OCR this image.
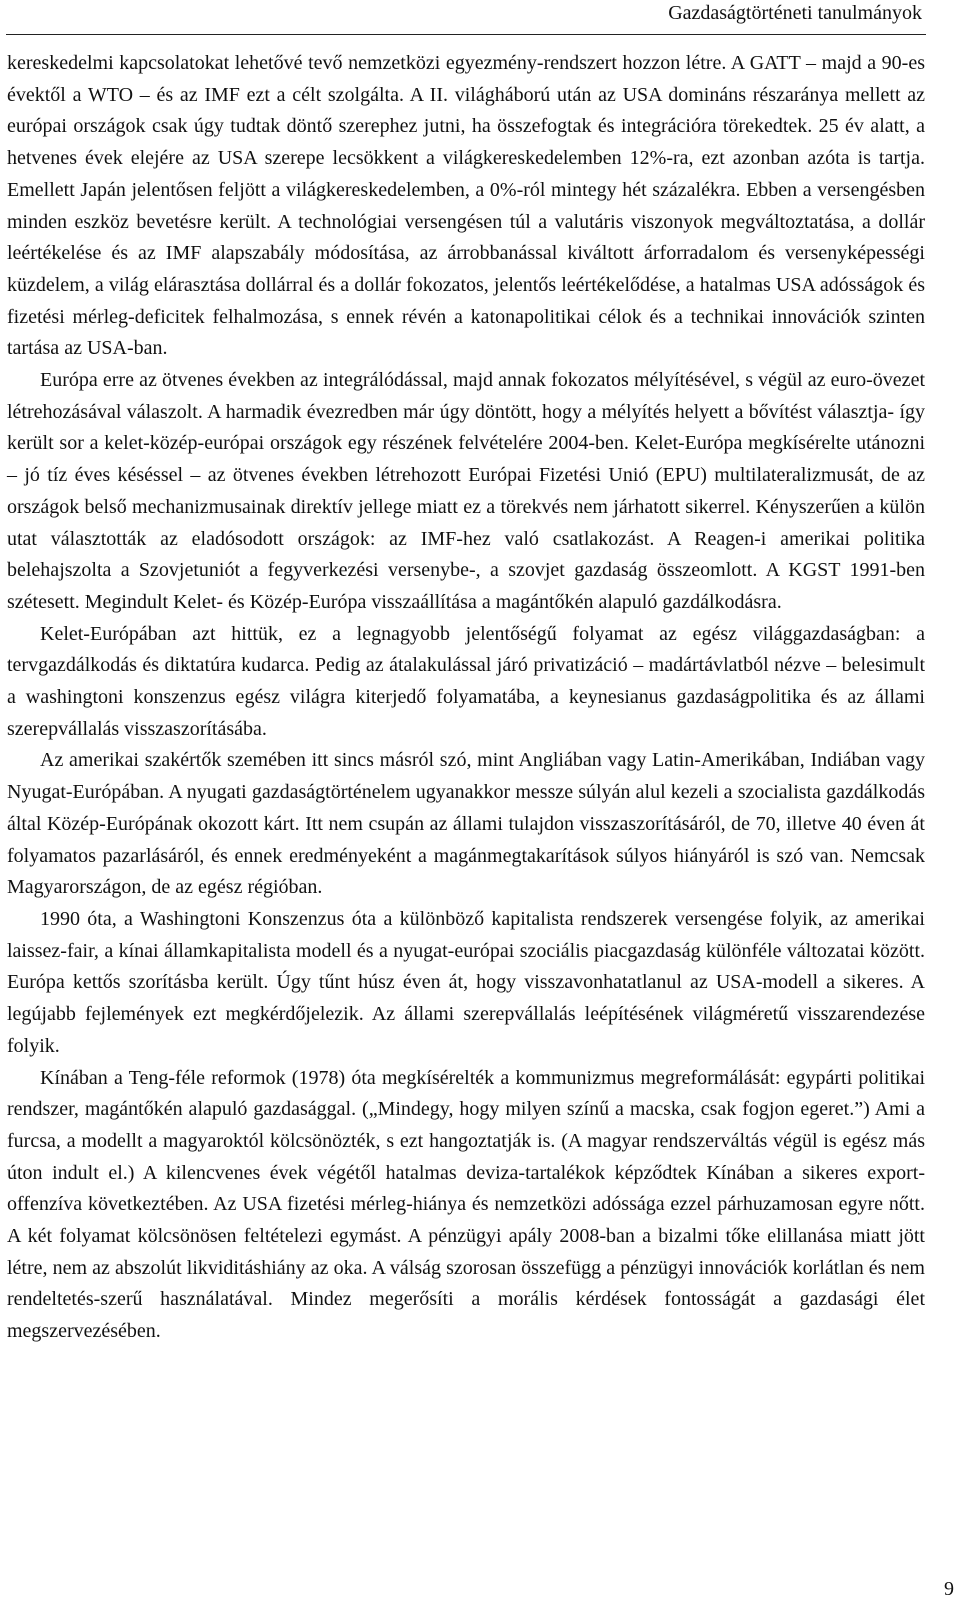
Gazdaságtörténeti tanulmányok

kereskedelmi kapcsolatokat lehetővé tevő nemzetközi egyezmény-rendszert hozzon létre. A GATT – majd a 90-es évektől a WTO – és az IMF ezt a célt szolgálta. A II. világháború után az USA domináns részaránya mellett az európai országok csak úgy tudtak döntő szerephez jutni, ha összefogtak és integrációra törekedtek. 25 év alatt, a hetvenes évek elejére az USA szerepe lecsökkent a világkereskedelemben 12%-ra, ezt azonban azóta is tartja. Emellett Japán jelentősen feljött a világkereskedelemben, a 0%-ról mintegy hét százalékra. Ebben a versengésben minden eszköz bevetésre került. A technológiai versengésen túl a valutáris viszonyok megváltoztatása, a dollár leértékelése és az IMF alapszabály módosítása, az árrobbanással kiváltott árforradalom és versenyképességi küzdelem, a világ elárasztása dollárral és a dollár fokozatos, jelentős leértékelődése, a hatalmas USA adósságok és fizetési mérleg-deficitek felhalmozása, s ennek révén a katonapolitikai célok és a technikai innovációk szinten tartása az USA-ban.

Európa erre az ötvenes években az integrálódással, majd annak fokozatos mélyítésével, s végül az euro-övezet létrehozásával válaszolt. A harmadik évezredben már úgy döntött, hogy a mélyítés helyett a bővítést választja- így került sor a kelet-közép-európai országok egy részének felvételére 2004-ben. Kelet-Európa megkísérelte utánozni – jó tíz éves késéssel – az ötvenes években létrehozott Európai Fizetési Unió (EPU) multilateralizmusát, de az országok belső mechanizmusainak direktív jellege miatt ez a törekvés nem járhatott sikerrel. Kényszerűen a külön utat választották az eladósodott országok: az IMF-hez való csatlakozást. A Reagen-i amerikai politika belehajszolta a Szovjetuniót a fegyverkezési versenybe-, a szovjet gazdaság összeomlott. A KGST 1991-ben szétesett. Megindult Kelet- és Közép-Európa visszaállítása a magántőkén alapuló gazdálkodásra.

Kelet-Európában azt hittük, ez a legnagyobb jelentőségű folyamat az egész világgazdaságban: a tervgazdálkodás és diktatúra kudarca. Pedig az átalakulással járó privatizáció – madártávlatból nézve – belesimult a washingtoni konszenzus egész világra kiterjedő folyamatába, a keynesianus gazdaságpolitika és az állami szerepvállalás visszaszorításába.

Az amerikai szakértők szemében itt sincs másról szó, mint Angliában vagy Latin-Amerikában, Indiában vagy Nyugat-Európában. A nyugati gazdaságtörténelem ugyanakkor messze súlyán alul kezeli a szocialista gazdálkodás által Közép-Európának okozott kárt. Itt nem csupán az állami tulajdon visszaszorításáról, de 70, illetve 40 éven át folyamatos pazarlásáról, és ennek eredményeként a magánmegtakarítások súlyos hiányáról is szó van. Nemcsak Magyarországon, de az egész régióban.

1990 óta, a Washingtoni Konszenzus óta a különböző kapitalista rendszerek versengése folyik, az amerikai laissez-fair, a kínai államkapitalista modell és a nyugat-európai szociális piacgazdaság különféle változatai között. Európa kettős szorításba került. Úgy tűnt húsz éven át, hogy visszavonhatatlanul az USA-modell a sikeres. A legújabb fejlemények ezt megkérdőjelezik. Az állami szerepvállalás leépítésének világméretű visszarendezése folyik.

Kínában a Teng-féle reformok (1978) óta megkísérelték a kommunizmus megreformálását: egypárti politikai rendszer, magántőkén alapuló gazdasággal. („Mindegy, hogy milyen színű a macska, csak fogjon egeret.”) Ami a furcsa, a modellt a magyaroktól kölcsönözték, s ezt hangoztatják is. (A magyar rendszerváltás végül is egész más úton indult el.) A kilencvenes évek végétől hatalmas deviza-tartalékok képződtek Kínában a sikeres export-offenzíva következtében. Az USA fizetési mérleg-hiánya és nemzetközi adóssága ezzel párhuzamosan egyre nőtt. A két folyamat kölcsönösen feltételezi egymást. A pénzügyi apály 2008-ban a bizalmi tőke elillanása miatt jött létre, nem az abszolút likviditáshiány az oka. A válság szorosan összefügg a pénzügyi innovációk korlátlan és nem rendeltetés-szerű használatával. Mindez megerősíti a morális kérdések fontosságát a gazdasági élet megszervezésében.

9
